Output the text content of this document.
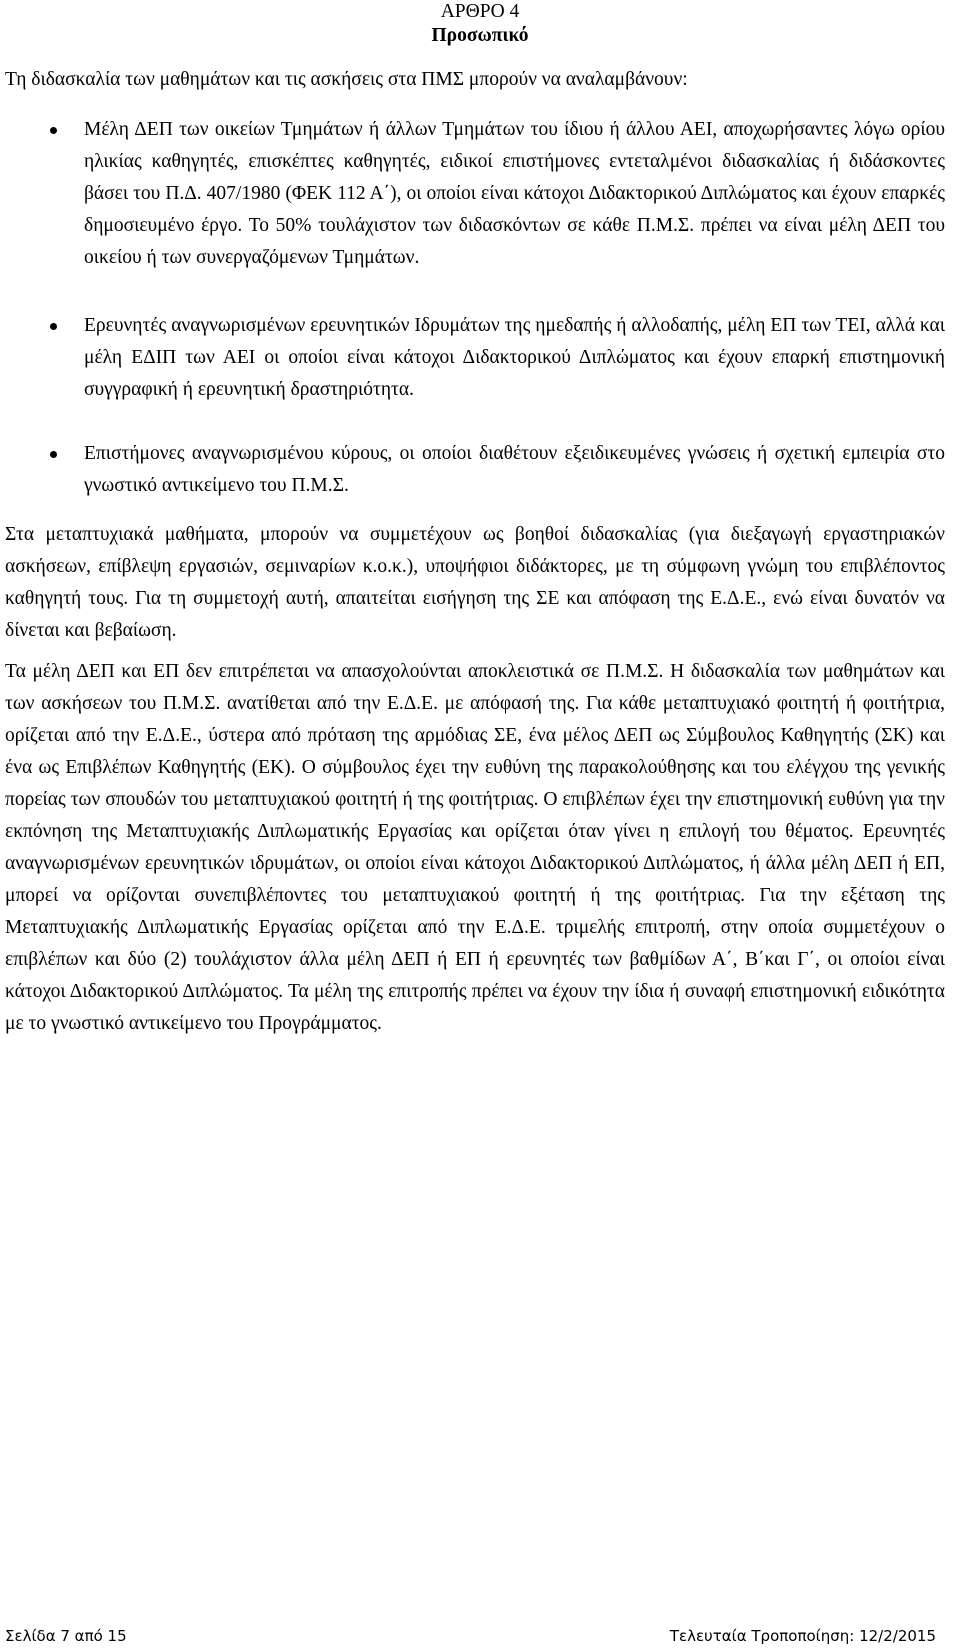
ΑΡΘΡΟ 4

Προσωπικό

Τη διδασκαλία των μαθημάτων και τις ασκήσεις στα ΠΜΣ μπορούν να αναλαμβάνουν:

Μέλη ΔΕΠ των οικείων Τμημάτων ή άλλων Τμημάτων του ίδιου ή άλλου ΑΕΙ, αποχωρήσαντες λόγω ορίου ηλικίας καθηγητές, επισκέπτες καθηγητές, ειδικοί επιστήμονες εντεταλμένοι διδασκαλίας ή διδάσκοντες βάσει του Π.Δ. 407/1980 (ΦΕΚ 112 Α΄), οι οποίοι είναι κάτοχοι Διδακτορικού Διπλώματος και έχουν επαρκές δημοσιευμένο έργο. Το 50% τουλάχιστον των διδασκόντων σε κάθε Π.Μ.Σ. πρέπει να είναι μέλη ΔΕΠ του οικείου ή των συνεργαζόμενων Τμημάτων.

Ερευνητές αναγνωρισμένων ερευνητικών Ιδρυμάτων της ημεδαπής ή αλλοδαπής, μέλη ΕΠ των ΤΕΙ, αλλά και μέλη ΕΔΙΠ των ΑΕΙ οι οποίοι είναι κάτοχοι Διδακτορικού Διπλώματος και έχουν επαρκή επιστημονική συγγραφική ή ερευνητική δραστηριότητα.

Επιστήμονες αναγνωρισμένου κύρους, οι οποίοι διαθέτουν εξειδικευμένες γνώσεις ή σχετική εμπειρία στο γνωστικό αντικείμενο του Π.Μ.Σ.

Στα μεταπτυχιακά μαθήματα, μπορούν να συμμετέχουν ως βοηθοί διδασκαλίας (για διεξαγωγή εργαστηριακών ασκήσεων, επίβλεψη εργασιών, σεμιναρίων κ.ο.κ.), υποψήφιοι διδάκτορες, με τη σύμφωνη γνώμη του επιβλέποντος καθηγητή τους. Για τη συμμετοχή αυτή, απαιτείται εισήγηση της ΣΕ και απόφαση της Ε.Δ.Ε., ενώ είναι δυνατόν να δίνεται και βεβαίωση.

Τα μέλη ΔΕΠ και ΕΠ δεν επιτρέπεται να απασχολούνται αποκλειστικά σε Π.Μ.Σ. Η διδασκαλία των μαθημάτων και των ασκήσεων του Π.Μ.Σ. ανατίθεται από την Ε.Δ.Ε. με απόφασή της. Για κάθε μεταπτυχιακό φοιτητή ή φοιτήτρια, ορίζεται από την Ε.Δ.Ε., ύστερα από πρόταση της αρμόδιας ΣΕ, ένα μέλος ΔΕΠ ως Σύμβουλος Καθηγητής (ΣΚ) και ένα ως Επιβλέπων Καθηγητής (ΕΚ). Ο σύμβουλος έχει την ευθύνη της παρακολούθησης και του ελέγχου της γενικής πορείας των σπουδών του μεταπτυχιακού φοιτητή ή της φοιτήτριας. Ο επιβλέπων έχει την επιστημονική ευθύνη για την εκπόνηση της Μεταπτυχιακής Διπλωματικής Εργασίας και ορίζεται όταν γίνει η επιλογή του θέματος. Ερευνητές αναγνωρισμένων ερευνητικών ιδρυμάτων, οι οποίοι είναι κάτοχοι Διδακτορικού Διπλώματος, ή άλλα μέλη ΔΕΠ ή ΕΠ, μπορεί να ορίζονται συνεπιβλέποντες του μεταπτυχιακού φοιτητή ή της φοιτήτριας. Για την εξέταση της Μεταπτυχιακής Διπλωματικής Εργασίας ορίζεται από την Ε.Δ.Ε. τριμελής επιτροπή, στην οποία συμμετέχουν ο επιβλέπων και δύο (2) τουλάχιστον άλλα μέλη ΔΕΠ ή ΕΠ ή ερευνητές των βαθμίδων Α΄, Β΄και Γ΄, οι οποίοι είναι κάτοχοι Διδακτορικού Διπλώματος. Τα μέλη της επιτροπής πρέπει να έχουν την ίδια ή συναφή επιστημονική ειδικότητα με το γνωστικό αντικείμενο του Προγράμματος.

Σελίδα 7 από 15	Τελευταία Τροποποίηση: 12/2/2015
